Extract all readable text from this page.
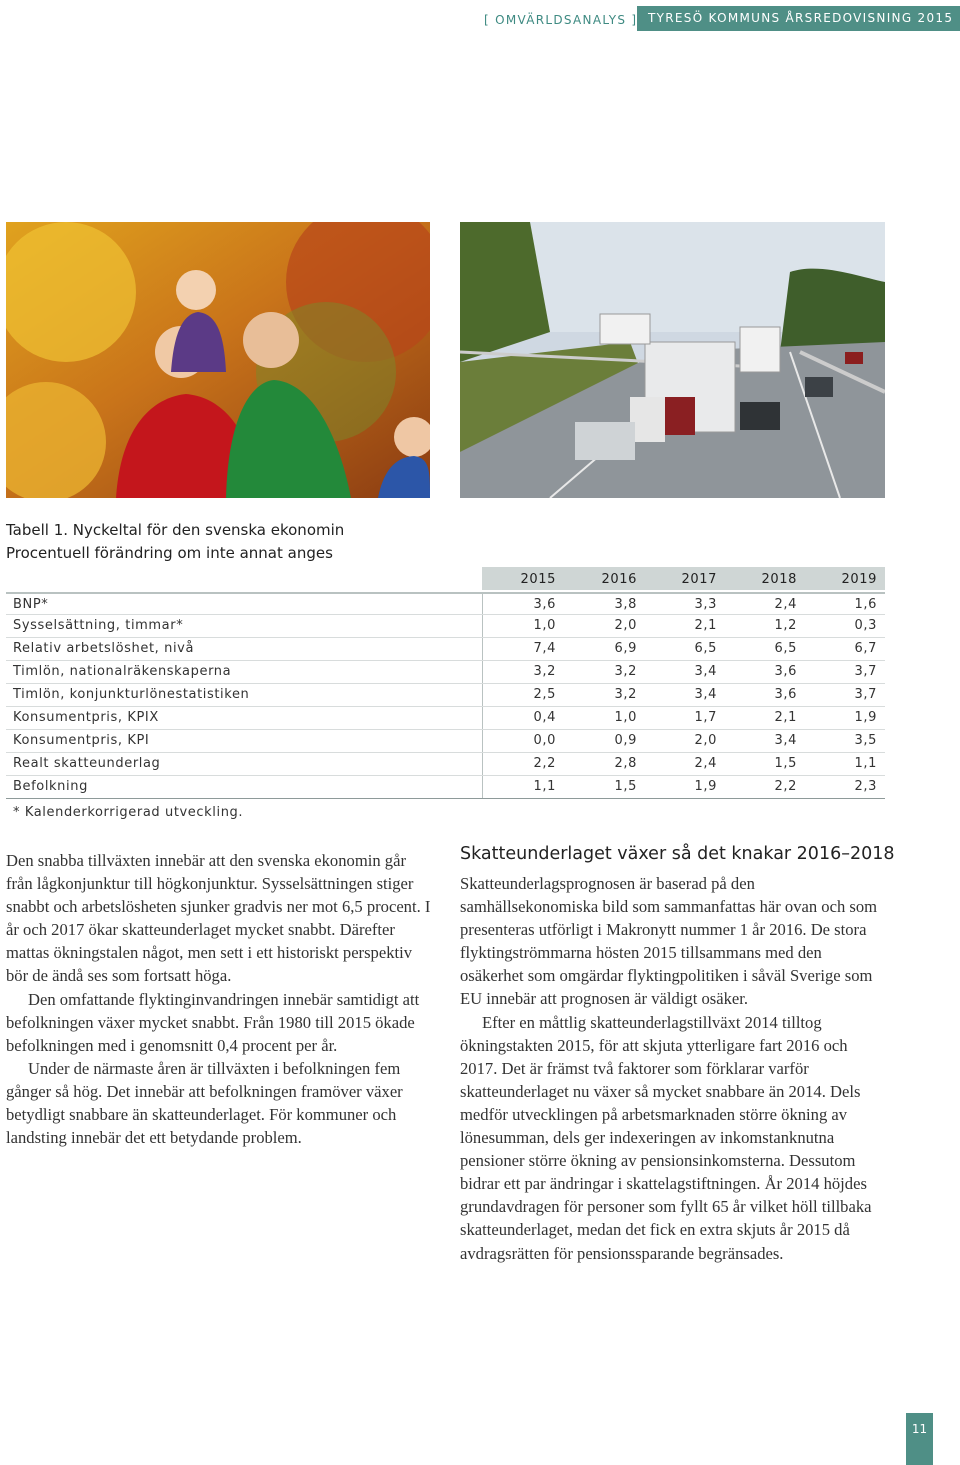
[ OMVÄRLDSANALYS ] TYRESÖ KOMMUNS ÅRSREDOVISNING 2015
Tabell 1. Nyckeltal för den svenska ekonomin
Procentuell förändring om inte annat anges
2015	2016	2017	2018	2019
BNP*	3,6	3,8	3,3	2,4	1,6
Sysselsättning, timmar*	1,0	2,0	2,1	1,2	0,3
Relativ arbetslöshet, nivå	7,4	6,9	6,5	6,5	6,7
Timlön, nationalräkenskaperna	3,2	3,2	3,4	3,6	3,7
Timlön, konjunkturlönestatistiken	2,5	3,2	3,4	3,6	3,7
Konsumentpris, KPIX	0,4	1,0	1,7	2,1	1,9
Konsumentpris, KPI	0,0	0,9	2,0	3,4	3,5
Realt skatteunderlag	2,2	2,8	2,4	1,5	1,1
Befolkning	1,1	1,5	1,9	2,2	2,3
* Kalenderkorrigerad utveckling.

Den snabba tillväxten innebär att den svenska ekonomin går från lågkonjunktur till högkonjunktur. Sysselsättningen stiger snabbt och arbetslösheten sjunker gradvis ner mot 6,5 procent. I år och 2017 ökar skatteunderlaget mycket snabbt. Därefter mattas ökningstalen något, men sett i ett historiskt perspektiv bör de ändå ses som fortsatt höga.

Den omfattande flyktinginvandringen innebär samtidigt att befolkningen växer mycket snabbt. Från 1980 till 2015 ökade befolkningen med i genomsnitt 0,4 procent per år.

Under de närmaste åren är tillväxten i befolkningen fem gånger så hög. Det innebär att befolkningen framöver växer betydligt snabbare än skatteunderlaget. För kommuner och landsting innebär det ett betydande problem.

Skatteunderlaget växer så det knakar 2016–2018

Skatteunderlagsprognosen är baserad på den samhällsekonomiska bild som sammanfattas här ovan och som presenteras utförligt i Makronytt nummer 1 år 2016. De stora flyktingströmmarna hösten 2015 tillsammans med den osäkerhet som omgärdar flyktingpolitiken i såväl Sverige som EU innebär att prognosen är väldigt osäker.

Efter en måttlig skatteunderlagstillväxt 2014 tilltog ökningstakten 2015, för att skjuta ytterligare fart 2016 och 2017. Det är främst två faktorer som förklarar varför skatteunderlaget nu växer så mycket snabbare än 2014. Dels medför utvecklingen på arbetsmarknaden större ökning av lönesumman, dels ger indexeringen av inkomstanknutna pensioner större ökning av pensionsinkomsterna. Dessutom bidrar ett par ändringar i skattelagstiftningen. År 2014 höjdes grundavdragen för personer som fyllt 65 år vilket höll tillbaka skatteunderlaget, medan det fick en extra skjuts år 2015 då avdragsrätten för pensionssparande begränsades.

11
